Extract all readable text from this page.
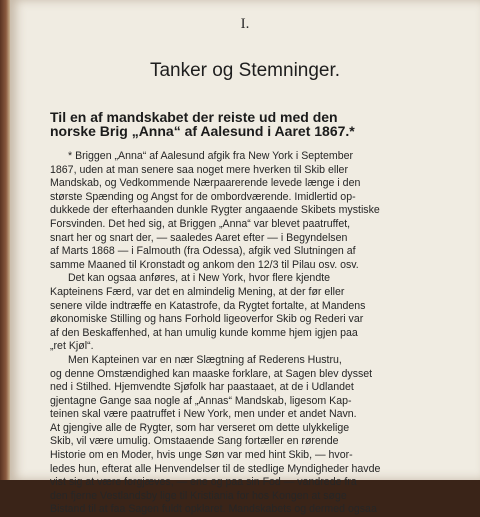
I.
Tanker og Stemninger.
Til en af mandskabet der reiste ud med den
norske Brig „Anna“ af Aalesund i Aaret 1867.*
* Briggen „Anna“ af Aalesund afgik fra New York i September
1867, uden at man senere saa noget mere hverken til Skib eller
Mandskab, og Vedkommende Nærpaarerende levede længe i den
største Spænding og Angst for de ombordværende. Imidlertid op-
dukkede der efterhaanden dunkle Rygter angaaende Skibets mystiske
Forsvinden. Det hed sig, at Briggen „Anna“ var blevet paatruffet,
snart her og snart der, — saaledes Aaret efter — i Begyndelsen
af Marts 1868 — i Falmouth (fra Odessa), afgik ved Slutningen af
samme Maaned til Kronstadt og ankom den 12/3 til Pilau osv. osv.
Det kan ogsaa anføres, at i New York, hvor flere kjendte
Kapteinens Færd, var det en almindelig Mening, at der før eller
senere vilde indtræffe en Katastrofe, da Rygtet fortalte, at Mandens
økonomiske Stilling og hans Forhold ligeoverfor Skib og Rederi var
af den Beskaffenhed, at han umulig kunde komme hjem igjen paa
„ret Kjøl“.
Men Kapteinen var en nær Slægtning af Rederens Hustru,
og denne Omstændighed kan maaske forklare, at Sagen blev dysset
ned i Stilhed. Hjemvendte Sjøfolk har paastaaet, at de i Udlandet
gjentagne Gange saa nogle af „Annas“ Mandskab, ligesom Kap-
teinen skal være paatruffet i New York, men under et andet Navn.
At gjengive alle de Rygter, som har verseret om dette ulykkelige
Skib, vil være umulig. Omstaaende Sang fortæller en rørende
Historie om en Moder, hvis unge Søn var med hint Skib, — hvor-
ledes hun, efterat alle Henvendelser til de stedlige Myndigheder havde
vist sig at være forgjæves, — ene og paa sin Fod — vandrede fra
den fjerne Vestlandsby lige til Kristiania for hos Kongen at søge
Bistand til at faa Sagen fuldt opklaret. Mandskabets og dermed ogsaa
